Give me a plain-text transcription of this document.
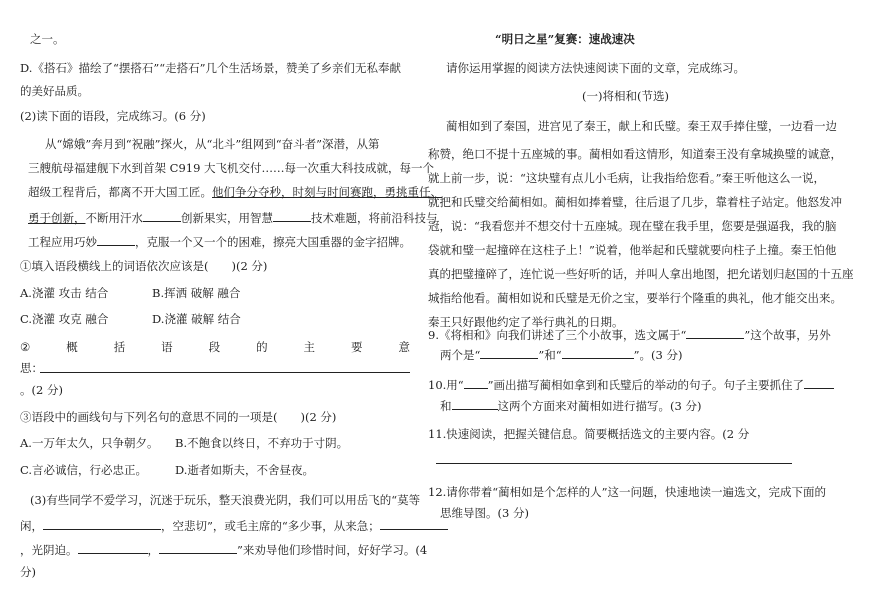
之一。
D.《搭石》描绘了“摆搭石”“走搭石”几个生活场景，赞美了乡亲们无私奉献
的美好品质。
(2)读下面的语段，完成练习。(6 分)
从“嫦娥”奔月到“祝融”探火，从“北斗”组网到“奋斗者”深潜，从第
三艘航母福建舰下水到首架 C919 大飞机交付……每一次重大科技成就，每一个
超级工程背后，都离不开大国工匠。他们争分夺秒，时刻与时间赛跑，勇挑重任、
勇于创新，不断用汗水	创新果实，用智慧	技术难题，将前沿科技与
工程应用巧妙	，克服一个又一个的困难，擦亮大国重器的金字招牌。
①填入语段横线上的词语依次应该是(　　)(2 分)
A.浇灌 攻击 结合	B.挥洒 破解 融合
C.浇灌 攻克 融合	D.浇灌 破解 结合
②	概	括	语	段	的	主	要	意
思：
。(2 分)
③语段中的画线句与下列名句的意思不同的一项是(　　)(2 分)
A.一万年太久，只争朝夕。 B.不飽食以终日，不弃功于寸阴。
C.言必诚信，行必忠正。 D.逝者如斯夫，不舍昼夜。
(3)有些同学不爱学习，沉迷于玩乐，整天浪费光阴，我们可以用岳飞的“莫等
闲，	，空悲切”，或毛主席的“多少事，从来急；
，光阴迫。	，	”来劝导他们珍惜时间，好好学习。(4
分)
“明日之星”复赛：速战速决
请你运用掌握的阅读方法快速阅读下面的文章，完成练习。
(一)将相和(节选)
蔺相如到了秦国，进宫见了秦王，献上和氏璧。秦王双手捧住璧，一边看一边
称赞，绝口不提十五座城的事。蔺相如看这情形，知道秦王没有拿城换璧的诚意，
就上前一步，说：“这块璧有点儿小毛病，让我指给您看。”秦王听他这么一说，
就把和氏璧交给蔺相如。蔺相如捧着璧，往后退了几步，靠着柱子站定。他怒发冲
冠，说：“我看您并不想交付十五座城。现在璧在我手里，您要是强逼我，我的脑
袋就和璧一起撞碎在这柱子上！”说着，他举起和氏璧就要向柱子上撞。秦王怕他
真的把璧撞碎了，连忙说一些好听的话，并叫人拿出地图，把允诺划归赵国的十五座
城指给他看。蔺相如说和氏璧是无价之宝，要举行个隆重的典礼，他才能交出来。
秦王只好跟他约定了举行典礼的日期。
9.《将相和》向我们讲述了三个小故事，选文属于“	”这个故事，另外
两个是“	”和“	”。(3 分)
10.用“ ”画出描写蔺相如拿到和氏璧后的举动的句子。句子主要抓住了
和	这两个方面来对蔺相如进行描写。(3 分)
11.快速阅读，把握关键信息。简要概括选文的主要内容。(2 分
12.请你带着“蔺相如是个怎样的人”这一问题，快速地读一遍选文，完成下面的
思维导图。(3 分)
